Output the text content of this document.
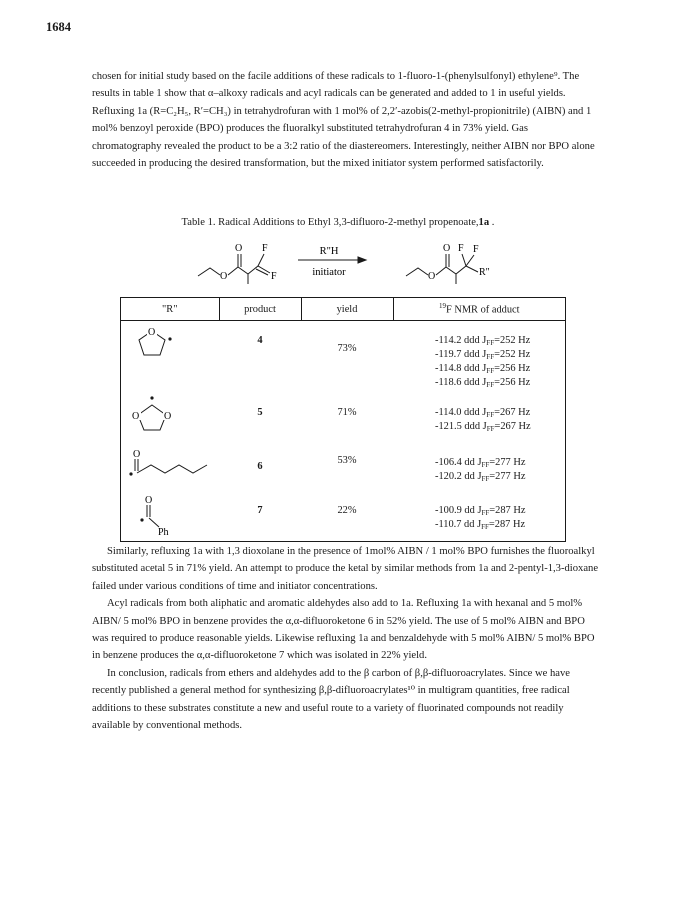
1684

chosen for initial study based on the facile additions of these radicals to 1-fluoro-1-(phenylsulfonyl) ethylene⁹. The results in table 1 show that α–alkoxy radicals and acyl radicals can be generated and added to 1 in useful yields. Refluxing 1a (R=C₂H₅, R′=CH₃) in tetrahydrofuran with 1 mol% of 2,2′-azobis(2-methyl-propionitrile) (AIBN) and 1 mol% benzoyl peroxide (BPO) produces the fluoralkyl substituted tetrahydrofuran 4 in 73% yield. Gas chromatography revealed the product to be a 3:2 ratio of the diastereomers. Interestingly, neither AIBN nor BPO alone succeeded in producing the desired transformation, but the mixed initiator system performed satisfactorily.

Table 1. Radical Additions to Ethyl 3,3-difluoro-2-methyl propenoate,1a .
O
O F
F
R"H
initiator	O
O F F
R"
"R"	product	yield	$^{19}$F NMR of adduct

O	4	73%	-114.2 ddd $J_{FF}=252$ Hz
-119.7 ddd $J_{FF}=252$ Hz
-114.8 ddd $J_{FF}=256$ Hz
-118.6 ddd $J_{FF}=256$ Hz

O O	5	71%	-114.0 ddd $J_{FF}=267$ Hz
-121.5 ddd $J_{FF}=267$ Hz

O	6	53%	-106.4 dd $J_{FF}=277$ Hz
-120.2 dd $J_{FF}=277$ Hz

O
Ph	7	22%	-100.9 dd $J_{FF}=287$ Hz
-110.7 dd $J_{FF}=287$ Hz

Similarly, refluxing 1a with 1,3 dioxolane in the presence of 1mol% AIBN / 1 mol% BPO furnishes the fluoroalkyl substituted acetal 5 in 71% yield. An attempt to produce the ketal by similar methods from 1a and 2-pentyl-1,3-dioxane failed under various conditions of time and initiator concentrations.

Acyl radicals from both aliphatic and aromatic aldehydes also add to 1a. Refluxing 1a with hexanal and 5 mol% AIBN/ 5 mol% BPO in benzene provides the α,α-difluoroketone 6 in 52% yield. The use of 5 mol% AIBN and BPO was required to produce reasonable yields. Likewise refluxing 1a and benzaldehyde with 5 mol% AIBN/ 5 mol% BPO in benzene produces the α,α-difluoroketone 7 which was isolated in 22% yield.

In conclusion, radicals from ethers and aldehydes add to the β carbon of β,β-difluoroacrylates. Since we have recently published a general method for synthesizing β,β-difluoroacrylates¹⁰ in multigram quantities, free radical additions to these substrates constitute a new and useful route to a variety of fluorinated compounds not readily available by conventional methods.
